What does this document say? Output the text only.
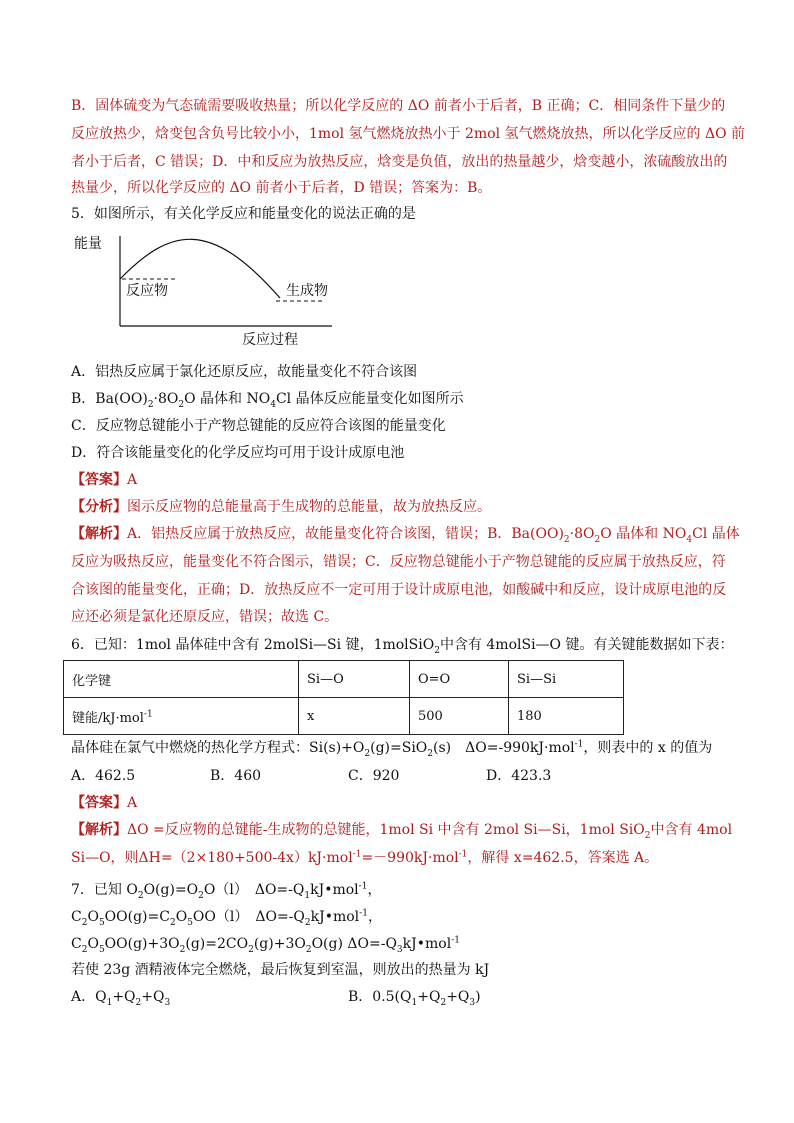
B．固体硫变为气态硫需要吸收热量；所以化学反应的 ΔO 前者小于后者，B 正确；C．相同条件下量少的
反应放热少，焓变包含负号比较小小，1mol 氢气燃烧放热小于 2mol 氢气燃烧放热，所以化学反应的 ΔO 前
者小于后者，C 错误；D．中和反应为放热反应，焓变是负值，放出的热量越少，焓变越小，浓硫酸放出的
热量少，所以化学反应的 ΔO 前者小于后者，D 错误；答案为：B。
5．如图所示，有关化学反应和能量变化的说法正确的是
能量
反应物	生成物
反应过程
A．铝热反应属于氯化还原反应，故能量变化不符合该图
B．$Ba(OO)_2\cdot 8O_2O$ 晶体和 $NO_4Cl$ 晶体反应能量变化如图所示
C．反应物总键能小于产物总键能的反应符合该图的能量变化
D．符合该能量变化的化学反应均可用于设计成原电池
【答案】A
【分析】图示反应物的总能量高于生成物的总能量，故为放热反应。
【解析】A．铝热反应属于放热反应，故能量变化符合该图，错误；B．$Ba(OO)_2\cdot 8O_2O$ 晶体和 $NO_4Cl$ 晶体
反应为吸热反应，能量变化不符合图示，错误；C．反应物总键能小于产物总键能的反应属于放热反应，符
合该图的能量变化，正确；D．放热反应不一定可用于设计成原电池，如酸碱中和反应，设计成原电池的反
应还必须是氯化还原反应，错误；故选 C。
6．已知：1mol 晶体硅中含有 2molSi—Si 键，1molSiO$_2$中含有 4molSi—O 键。有关键能数据如下表：
化学键	Si—O	O=O	Si—Si
键能/kJ·mol$^{-1}$	x	500	180
晶体硅在氯气中燃烧的热化学方程式：$Si(s)+O_2(g)=SiO_2(s)$　ΔO=-990kJ·mol$^{-1}$，则表中的 x 的值为
A．462.5	B．460	C．920	D．423.3
【答案】A
【解析】ΔO =反应物的总键能-生成物的总键能，1mol Si 中含有 2mol Si—Si，1mol SiO$_2$中含有 4mol
Si—O，则ΔH=（2×180+500-4x）kJ·mol$^{-1}$=－990kJ·mol$^{-1}$，解得 x=462.5，答案选 A。
7．已知 $O_2O(g)=O_2O(l)$　$\Delta O=-Q_1kJ•mol^{-1}$，
$C_2O_5OO(g)=C_2O_5OO(l)$　$\Delta O=-Q_2kJ•mol^{-1}$，
$C_2O_5OO(g)+3O_2(g)=2CO_2(g)+3O_2O(g)$ $\Delta O=-Q_3kJ•mol^{-1}$
若使 23g 酒精液体完全燃烧，最后恢复到室温，则放出的热量为 kJ
A．$Q_1+Q_2+Q_3$	B．$0.5(Q_1+Q_2+Q_3)$
